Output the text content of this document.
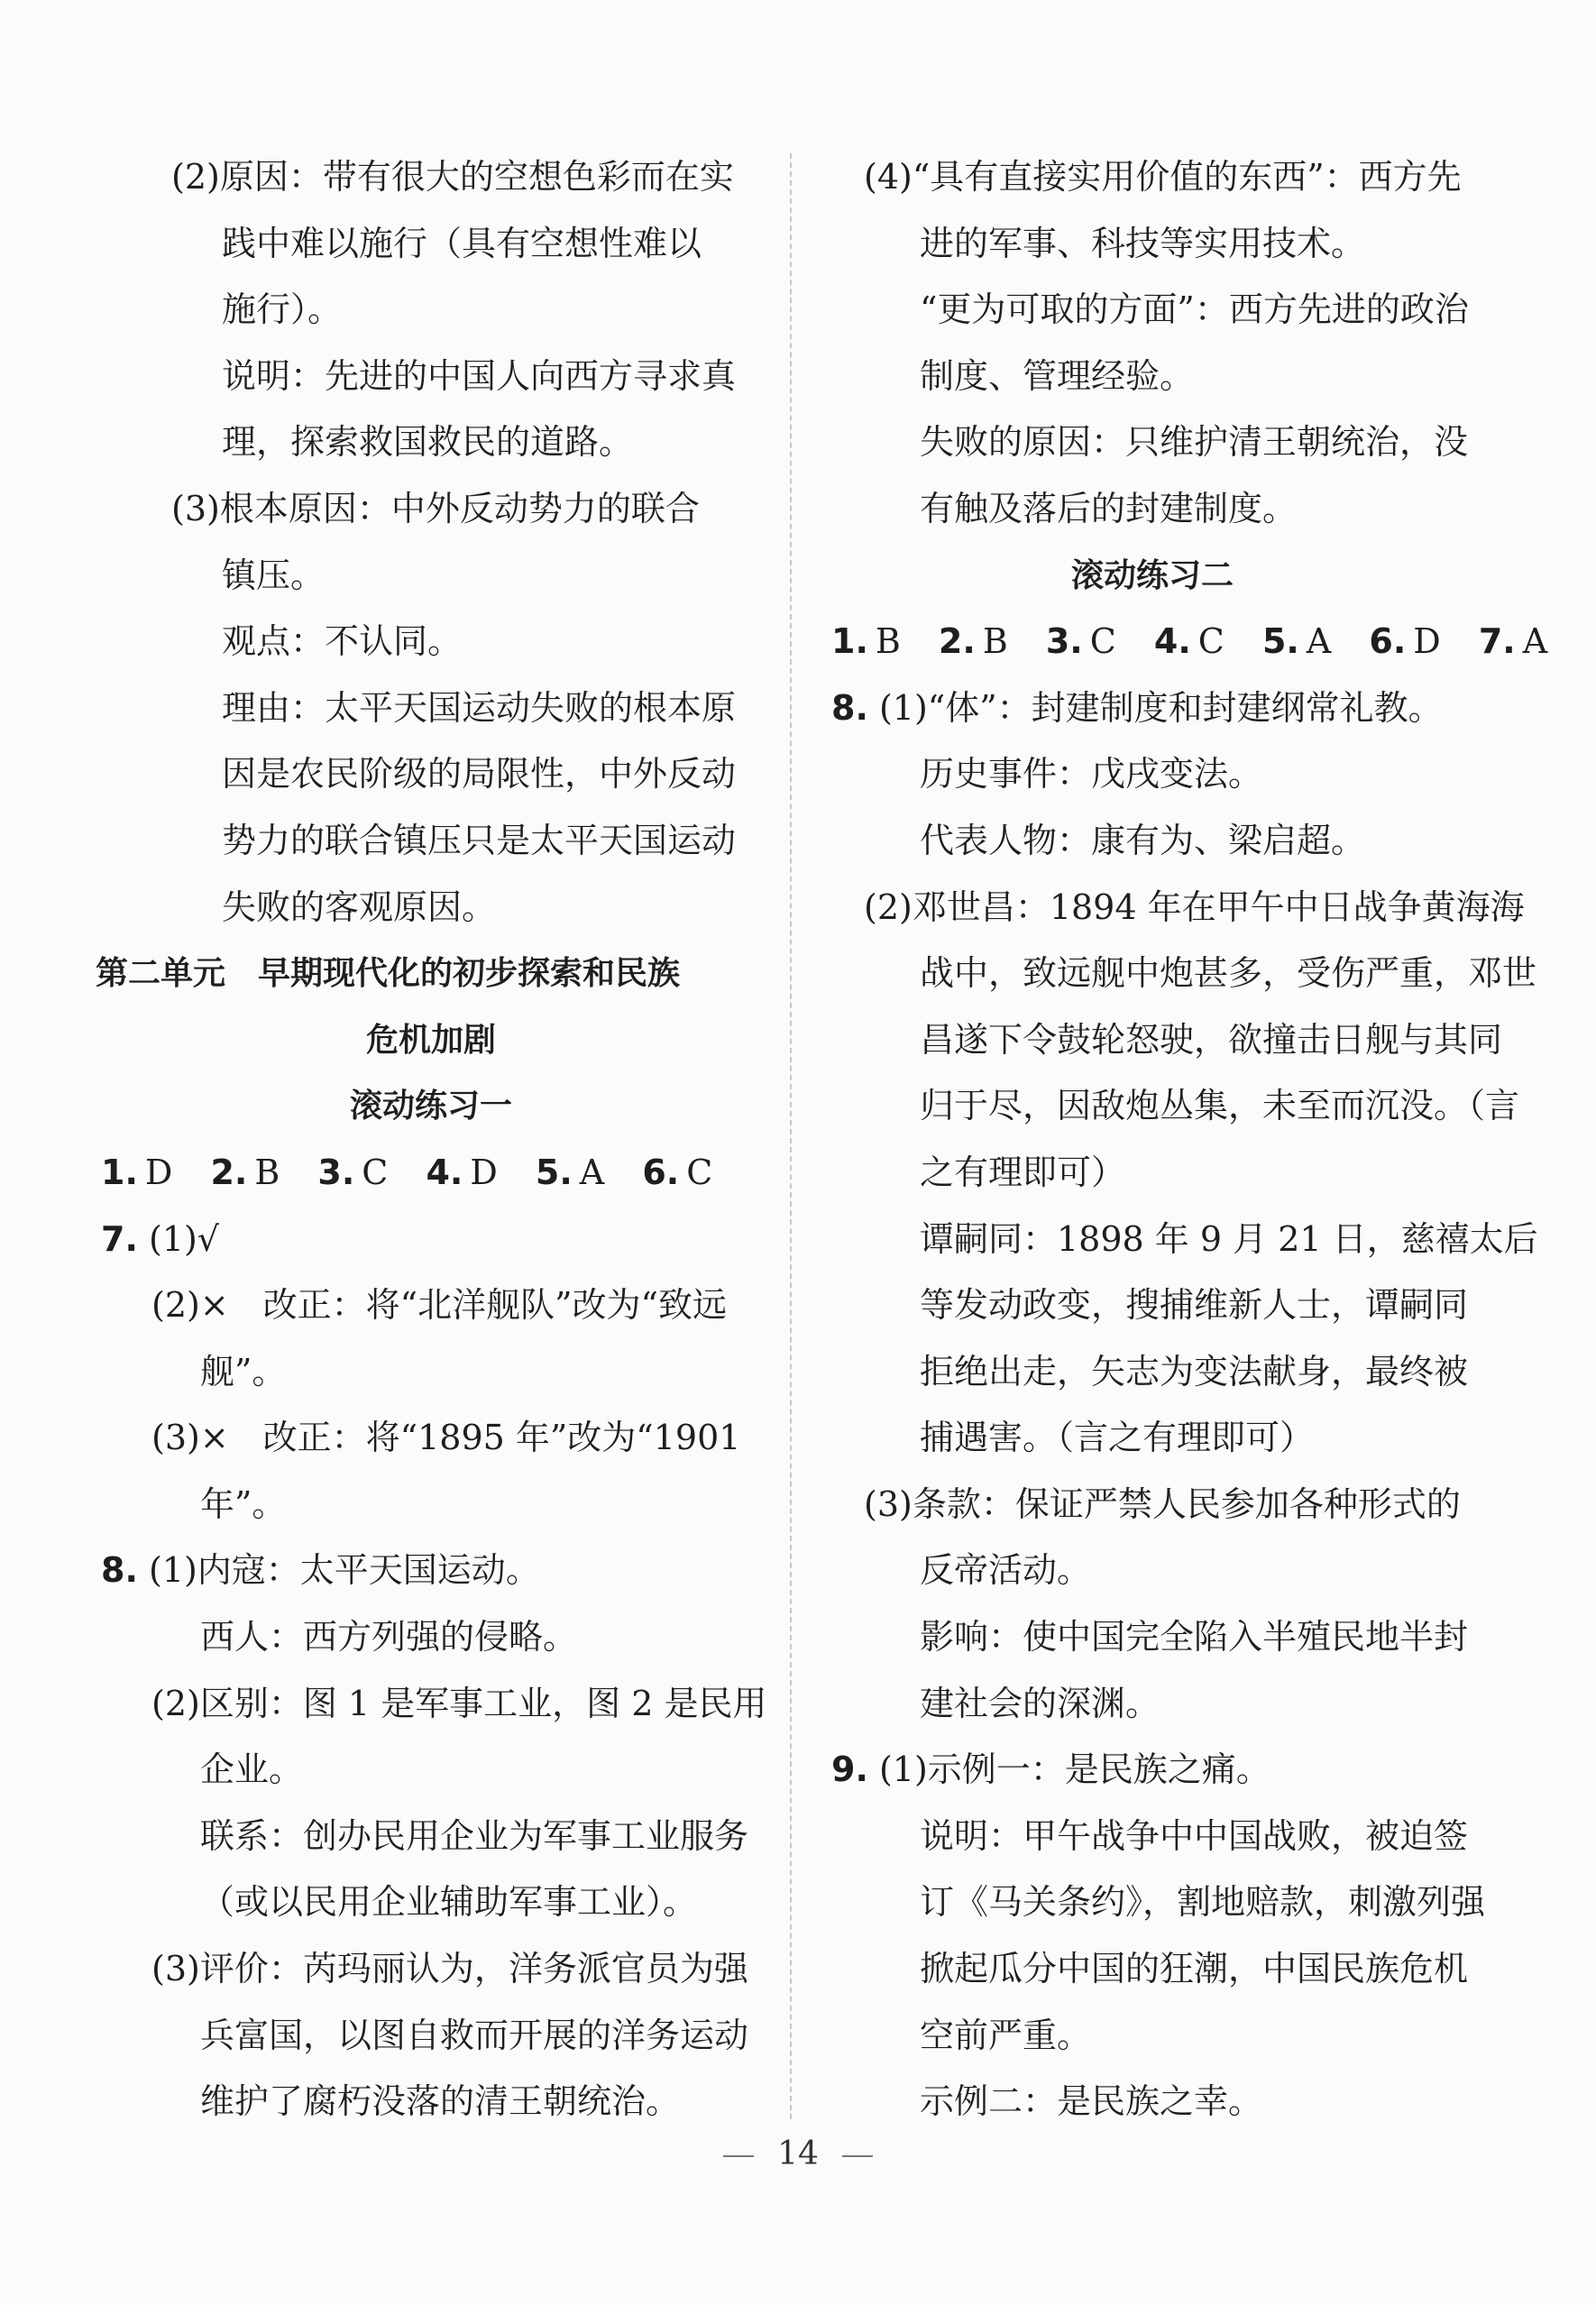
(2)原因：带有很大的空想色彩而在实
践中难以施行（具有空想性难以
施行）。
说明：先进的中国人向西方寻求真
理，探索救国救民的道路。
(3)根本原因：中外反动势力的联合
镇压。
观点：不认同。
理由：太平天国运动失败的根本原
因是农民阶级的局限性，中外反动
势力的联合镇压只是太平天国运动
失败的客观原因。
第二单元　早期现代化的初步探索和民族
危机加剧
滚动练习一
1. D 2. B 3. C 4. D 5. A 6. C
7. (1)√
(2)×　改正：将“北洋舰队”改为“致远
舰”。
(3)×　改正：将“1895 年”改为“1901
年”。
8. (1)内寇：太平天国运动。
西人：西方列强的侵略。
(2)区别：图 1 是军事工业，图 2 是民用
企业。
联系：创办民用企业为军事工业服务
（或以民用企业辅助军事工业）。
(3)评价：芮玛丽认为，洋务派官员为强
兵富国，以图自救而开展的洋务运动
维护了腐朽没落的清王朝统治。
(4)“具有直接实用价值的东西”：西方先
进的军事、科技等实用技术。
“更为可取的方面”：西方先进的政治
制度、管理经验。
失败的原因：只维护清王朝统治，没
有触及落后的封建制度。
滚动练习二
1. B 2. B 3. C 4. C 5. A 6. D 7. A
8. (1)“体”：封建制度和封建纲常礼教。
历史事件：戊戌变法。
代表人物：康有为、梁启超。
(2)邓世昌：1894 年在甲午中日战争黄海海
战中，致远舰中炮甚多，受伤严重，邓世
昌遂下令鼓轮怒驶，欲撞击日舰与其同
归于尽，因敌炮丛集，未至而沉没。（言
之有理即可）
谭嗣同：1898 年 9 月 21 日，慈禧太后
等发动政变，搜捕维新人士，谭嗣同
拒绝出走，矢志为变法献身，最终被
捕遇害。（言之有理即可）
(3)条款：保证严禁人民参加各种形式的
反帝活动。
影响：使中国完全陷入半殖民地半封
建社会的深渊。
9. (1)示例一：是民族之痛。
说明：甲午战争中中国战败，被迫签
订《马关条约》，割地赔款，刺激列强
掀起瓜分中国的狂潮，中国民族危机
空前严重。
示例二：是民族之幸。
14
